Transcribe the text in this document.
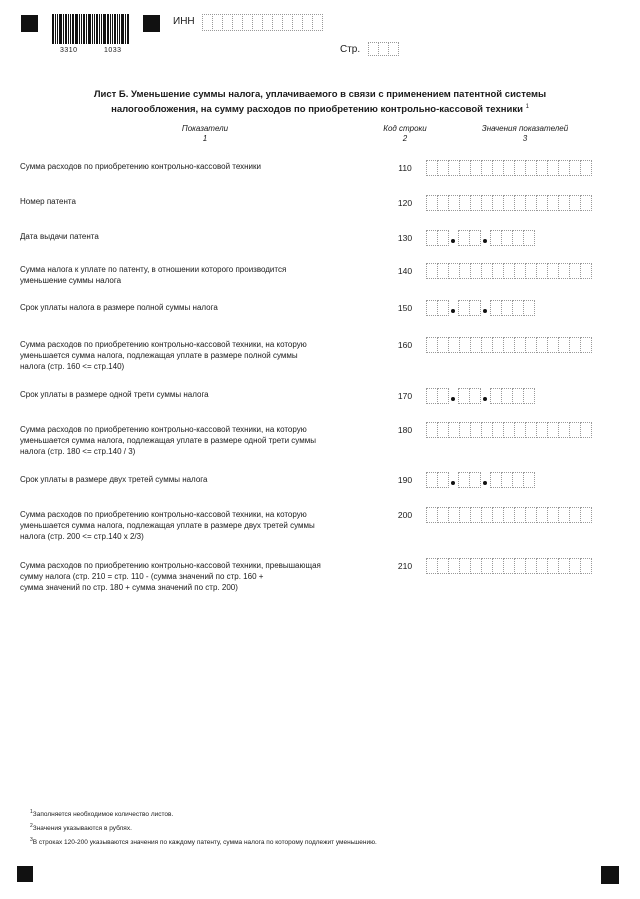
3310	1033
ИНН
Стр.
Лист Б. Уменьшение суммы налога, уплачиваемого в связи с применением патентной системы
налогообложения, на сумму расходов по приобретению контрольно-кассовой техники $^1$
Показатели
1
Код строки
2
Значения показателей
3
Сумма расходов по приобретению контрольно-кассовой техники	110
Номер патента	120
Дата выдачи патента	130
Сумма налога к уплате по патенту, в отношении которого производится
уменьшение суммы налога
140
Срок уплаты налога в размере полной суммы налога	150
Сумма расходов по приобретению контрольно-кассовой техники, на которую
уменьшается сумма налога, подлежащая уплате в размере полной суммы
налога (стр. 160 <= стр.140)
160
Срок уплаты в размере одной трети суммы налога	170
Сумма расходов по приобретению контрольно-кассовой техники, на которую
уменьшается сумма налога, подлежащая уплате в размере одной трети суммы
налога (стр. 180 <= стр.140 / 3)
180
Срок уплаты в размере двух третей суммы налога	190
Сумма расходов по приобретению контрольно-кассовой техники, на которую
уменьшается сумма налога, подлежащая уплате в размере двух третей суммы
налога (стр. 200 <= стр.140 х 2/3)
200
Сумма расходов по приобретению контрольно-кассовой техники, превышающая
сумму налога (стр. 210 = стр. 110 - (сумма значений по стр. 160 +
сумма значений по стр. 180 + сумма значений по стр. 200)
210
$^1$Заполняется необходимое количество листов.
$^2$Значения указываются в рублях.
$^3$В строках 120-200 указываются значения по каждому патенту, сумма налога по которому подлежит уменьшению.
